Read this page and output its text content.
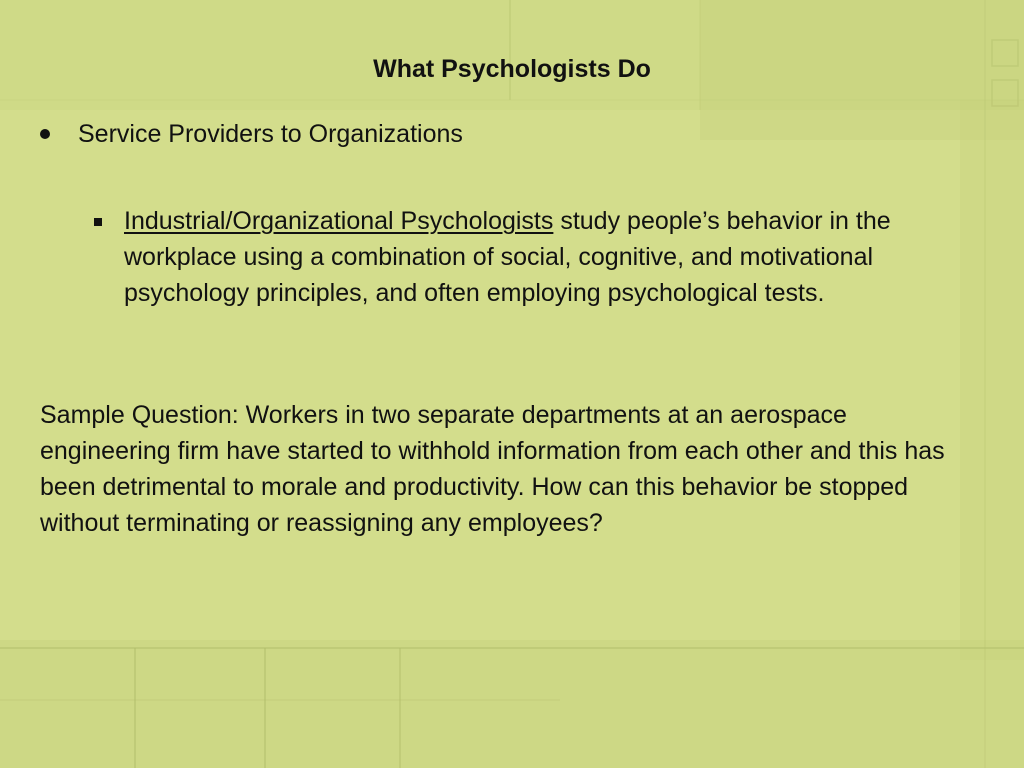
What Psychologists Do
Service Providers to Organizations
Industrial/Organizational Psychologists study people’s behavior in the workplace using a combination of social, cognitive, and motivational psychology principles, and often employing psychological tests.
Sample Question: Workers in two separate departments at an aerospace engineering firm have started to withhold information from each other and this has been detrimental to morale and productivity. How can this behavior be stopped without terminating or reassigning any employees?
